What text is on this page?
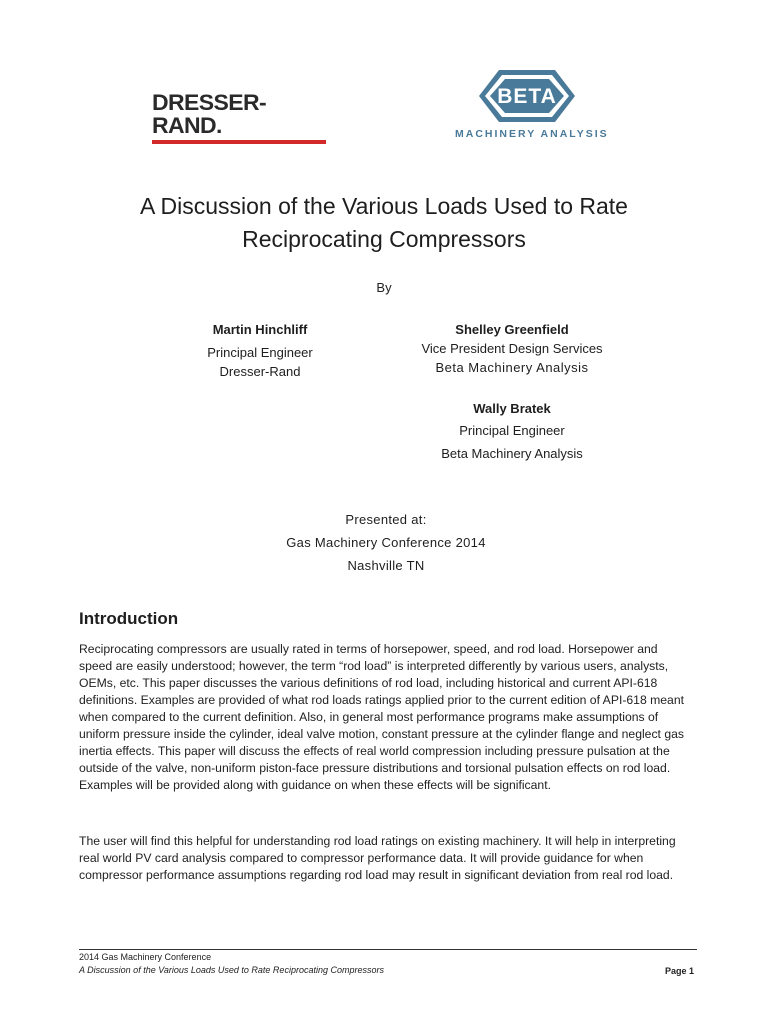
DRESSER-RAND.
BETA
MACHINERY ANALYSIS
A Discussion of the Various Loads Used to Rate
Reciprocating Compressors
By
Martin Hinchliff
Principal Engineer
Dresser-Rand
Shelley Greenfield
Vice President Design Services
Beta Machinery Analysis
Wally Bratek
Principal Engineer
Beta Machinery Analysis
Presented at:
Gas Machinery Conference 2014
Nashville TN
Introduction

Reciprocating compressors are usually rated in terms of horsepower, speed, and rod load. Horsepower and speed are easily understood; however, the term “rod load” is interpreted differently by various users, analysts, OEMs, etc. This paper discusses the various definitions of rod load, including historical and current API-618 definitions. Examples are provided of what rod loads ratings applied prior to the current edition of API-618 meant when compared to the current definition. Also, in general most performance programs make assumptions of uniform pressure inside the cylinder, ideal valve motion, constant pressure at the cylinder flange and neglect gas inertia effects. This paper will discuss the effects of real world compression including pressure pulsation at the outside of the valve, non-uniform piston-face pressure distributions and torsional pulsation effects on rod load. Examples will be provided along with guidance on when these effects will be significant.

The user will find this helpful for understanding rod load ratings on existing machinery. It will help in interpreting real world PV card analysis compared to compressor performance data. It will provide guidance for when compressor performance assumptions regarding rod load may result in significant deviation from real rod load.

2014 Gas Machinery Conference
A Discussion of the Various Loads Used to Rate Reciprocating Compressors	Page 1
